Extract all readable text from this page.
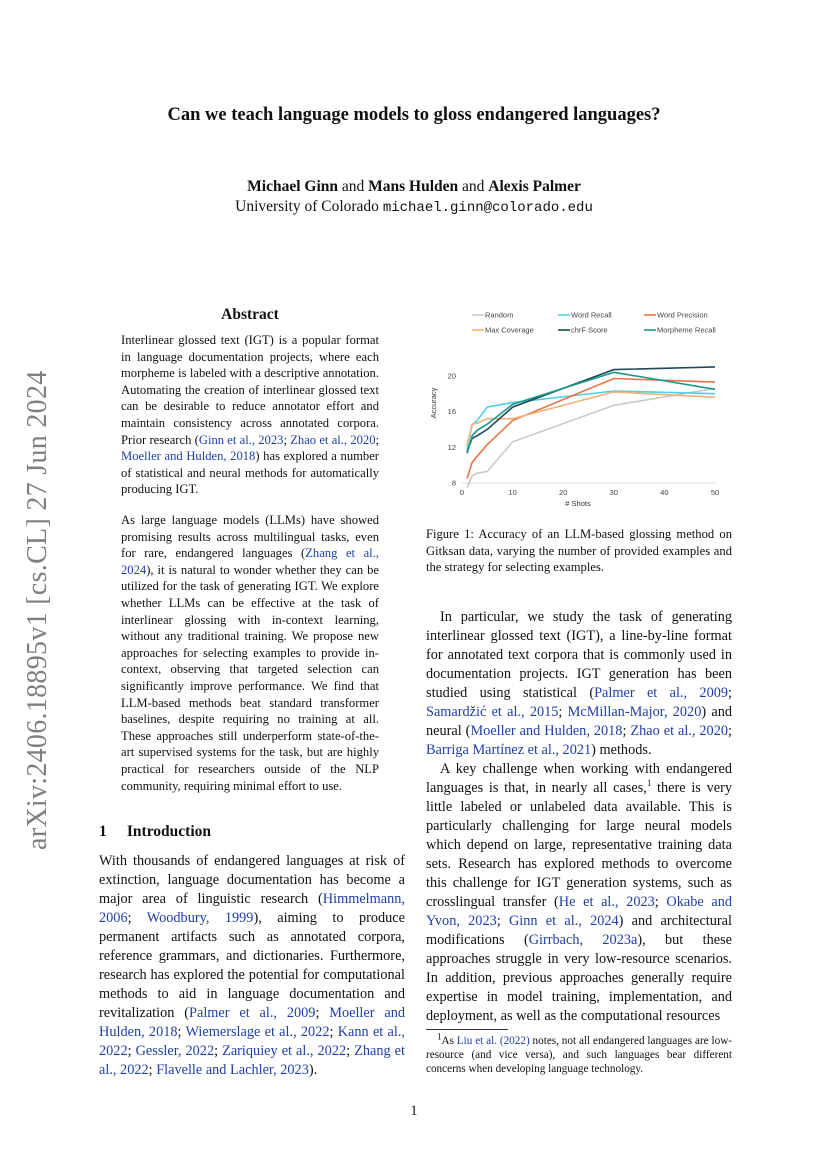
arXiv:2406.18895v1 [cs.CL] 27 Jun 2024
Can we teach language models to gloss endangered languages?
Michael Ginn and Mans Hulden and Alexis Palmer
University of Colorado michael.ginn@colorado.edu
Abstract
Interlinear glossed text (IGT) is a popular format in language documentation projects, where each morpheme is labeled with a descriptive annotation. Automating the creation of interlinear glossed text can be desirable to reduce annotator effort and maintain consistency across annotated corpora. Prior research (Ginn et al., 2023; Zhao et al., 2020; Moeller and Hulden, 2018) has explored a number of statistical and neural methods for automatically producing IGT.
As large language models (LLMs) have showed promising results across multilingual tasks, even for rare, endangered languages (Zhang et al., 2024), it is natural to wonder whether they can be utilized for the task of generating IGT. We explore whether LLMs can be effective at the task of interlinear glossing with in-context learning, without any traditional training. We propose new approaches for selecting examples to provide in-context, observing that targeted selection can significantly improve performance. We find that LLM-based methods beat standard transformer baselines, despite requiring no training at all. These approaches still underperform state-of-the-art supervised systems for the task, but are highly practical for researchers outside of the NLP community, requiring minimal effort to use.
1 Introduction
With thousands of endangered languages at risk of extinction, language documentation has become a major area of linguistic research (Himmelmann, 2006; Woodbury, 1999), aiming to produce permanent artifacts such as annotated corpora, reference grammars, and dictionaries. Furthermore, research has explored the potential for computational methods to aid in language documentation and revitalization (Palmer et al., 2009; Moeller and Hulden, 2018; Wiemerslage et al., 2022; Kann et al., 2022; Gessler, 2022; Zariquiey et al., 2022; Zhang et al., 2022; Flavelle and Lachler, 2023).
Random	Word Recall	Word Precision
Max Coverage	chrF Score	Morpheme Recall
8
12
16
20
0	10	20	30	40	50
Accuracy
# Shots
Figure 1: Accuracy of an LLM-based glossing method on Gitksan data, varying the number of provided examples and the strategy for selecting examples.
In particular, we study the task of generating interlinear glossed text (IGT), a line-by-line format for annotated text corpora that is commonly used in documentation projects. IGT generation has been studied using statistical (Palmer et al., 2009; Samardžić et al., 2015; McMillan-Major, 2020) and neural (Moeller and Hulden, 2018; Zhao et al., 2020; Barriga Martínez et al., 2021) methods.
A key challenge when working with endangered languages is that, in nearly all cases,$^1$ there is very little labeled or unlabeled data available. This is particularly challenging for large neural models which depend on large, representative training data sets. Research has explored methods to overcome this challenge for IGT generation systems, such as crosslingual transfer (He et al., 2023; Okabe and Yvon, 2023; Ginn et al., 2024) and architectural modifications (Girrbach, 2023a), but these approaches struggle in very low-resource scenarios. In addition, previous approaches generally require expertise in model training, implementation, and deployment, as well as the computational resources
$^1$As Liu et al. (2022) notes, not all endangered languages are low-resource (and vice versa), and such languages bear different concerns when developing language technology.
1
